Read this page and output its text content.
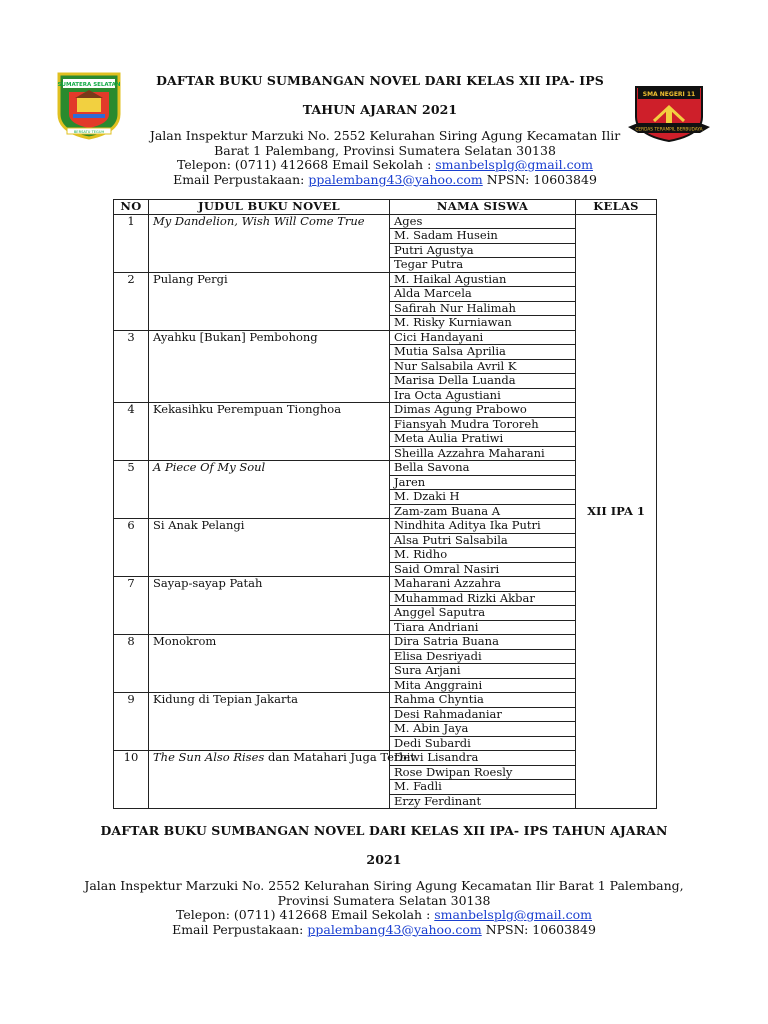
SUMATERA SELATAN
BERSATU TEGUH
SMA NEGERI 11
CERDAS TERAMPIL BERBUDAYA
DAFTAR BUKU SUMBANGAN NOVEL DARI KELAS XII IPA- IPS
TAHUN AJARAN 2021
Jalan Inspektur Marzuki No. 2552 Kelurahan Siring Agung Kecamatan Ilir
Barat 1 Palembang, Provinsi Sumatera Selatan 30138
Telepon: (0711) 412668 Email Sekolah : smanbelsplg@gmail.com
Email Perpustakaan: ppalembang43@yahoo.com NPSN: 10603849
NO	JUDUL BUKU NOVEL	NAMA SISWA	KELAS
1	My Dandelion, Wish Will Come True	Ages	XII IPA 1
		M. Sadam Husein	
		Putri Agustya	
		Tegar Putra	
2	Pulang Pergi	M. Haikal Agustian	
		Alda Marcela	
		Safirah Nur Halimah	
		M. Risky Kurniawan	
3	Ayahku [Bukan] Pembohong	Cici Handayani	
		Mutia Salsa Aprilia	
		Nur Salsabila Avril K	
		Marisa Della Luanda	
		Ira Octa Agustiani	
4	Kekasihku Perempuan Tionghoa	Dimas Agung Prabowo	
		Fiansyah Mudra Tororeh	
		Meta Aulia Pratiwi	
		Sheilla Azzahra Maharani	
5	A Piece Of My Soul	Bella Savona	
		Jaren	
		M. Dzaki H	
		Zam-zam Buana A	
6	Si Anak Pelangi	Nindhita Aditya Ika Putri	
		Alsa Putri Salsabila	
		M. Ridho	
		Said Omral Nasiri	
7	Sayap-sayap Patah	Maharani Azzahra	
		Muhammad Rizki Akbar	
		Anggel Saputra	
		Tiara Andriani	
8	Monokrom	Dira Satria Buana	
		Elisa Desriyadi	
		Sura Arjani	
		Mita Anggraini	
9	Kidung di Tepian Jakarta	Rahma Chyntia	
		Desi Rahmadaniar	
		M. Abin Jaya	
		Dedi Subardi	
10	The Sun Also Rises dan Matahari Juga Terbit	Dewi Lisandra	
		Rose Dwipan Roesly	
		M. Fadli	
		Erzy Ferdinant	
DAFTAR BUKU SUMBANGAN NOVEL DARI KELAS XII IPA- IPS TAHUN AJARAN
2021
Jalan Inspektur Marzuki No. 2552 Kelurahan Siring Agung Kecamatan Ilir Barat 1 Palembang,
Provinsi Sumatera Selatan 30138
Telepon: (0711) 412668 Email Sekolah : smanbelsplg@gmail.com
Email Perpustakaan: ppalembang43@yahoo.com NPSN: 10603849
